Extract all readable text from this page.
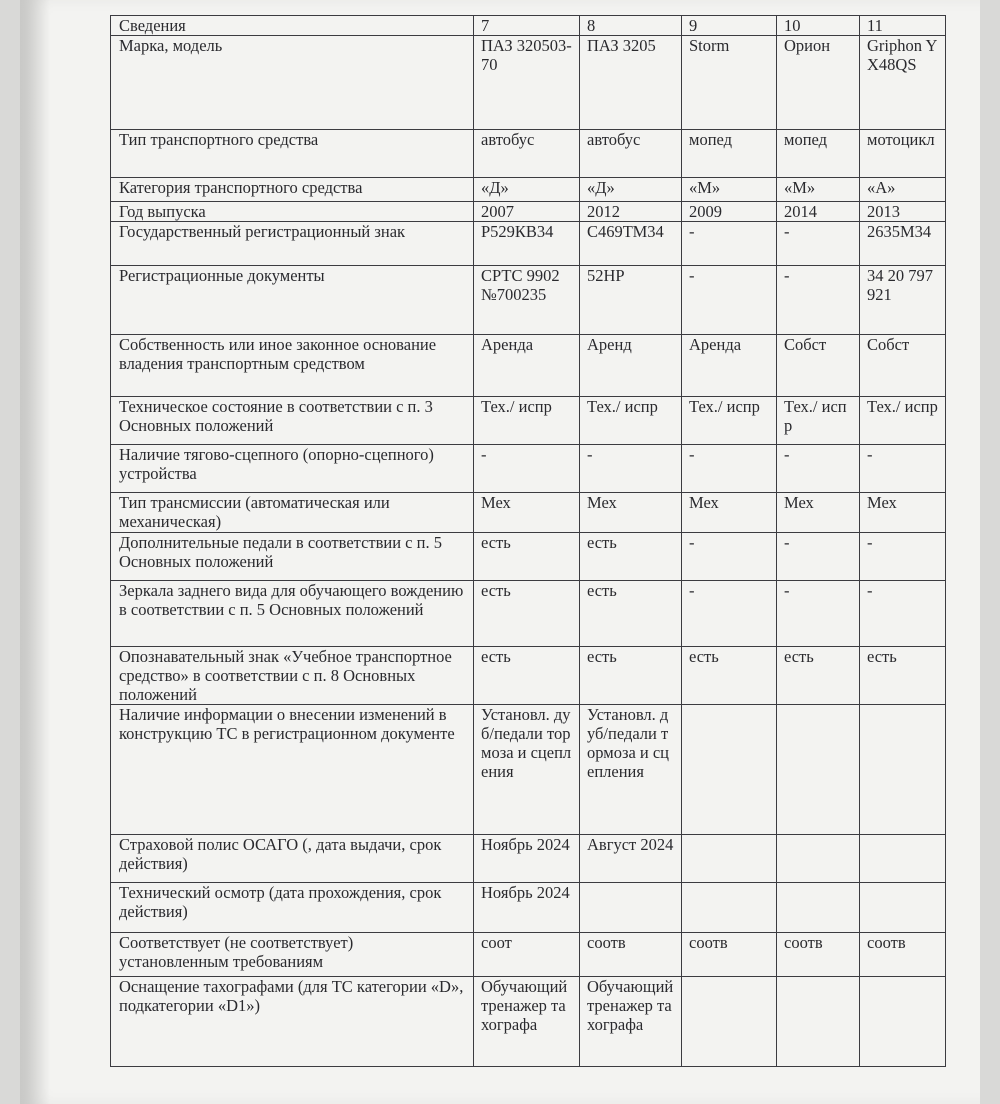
Сведения	7	8	9	10	11
Марка, модель	ПАЗ 320503-70	ПАЗ 3205	Storm	Орион	Griphon YX48QS
Тип транспортного средства	автобус	автобус	мопед	мопед	мотоцикл
Категория транспортного средства	«Д»	«Д»	«М»	«М»	«А»
Год выпуска	2007	2012	2009	2014	2013
Государственный регистрационный знак	Р529КВ34	С469ТМ34	-	-	2635М34
Регистрационные документы	СРТС 9902 №700235	52НР	-	-	34 20 797921
Собственность или иное законное основание владения транспортным средством	Аренда	Аренд	Аренда	Собст	Собст
Техническое состояние в соответствии с п. 3 Основных положений	Тех./ испр	Тех./ испр	Тех./ испр	Тех./ испр	Тех./ испр
Наличие тягово-сцепного (опорно-сцепного) устройства	-	-	-	-	-
Тип трансмиссии (автоматическая или механическая)	Мех	Мех	Мех	Мех	Мех
Дополнительные педали в соответствии с п. 5 Основных положений	есть	есть	-	-	-
Зеркала заднего вида для обучающего вождению в соответствии с п. 5 Основных положений	есть	есть	-	-	-
Опознавательный знак «Учебное транспортное средство» в соответствии с п. 8 Основных положений	есть	есть	есть	есть	есть
Наличие информации о внесении изменений в конструкцию ТС в регистрационном документе	Установл. дуб/педали тормоза и сцепления	Установл. дуб/педали тормоза и сцепления			
Страховой полис ОСАГО (, дата выдачи, срок действия)	Ноябрь 2024	Август 2024			
Технический осмотр (дата прохождения, срок действия)	Ноябрь 2024				
Соответствует (не соответствует) установленным требованиям	соот	соотв	соотв	соотв	соотв
Оснащение тахографами (для ТС категории «D», подкатегории «D1»)	Обучающий тренажер тахографа	Обучающий тренажер тахографа			
